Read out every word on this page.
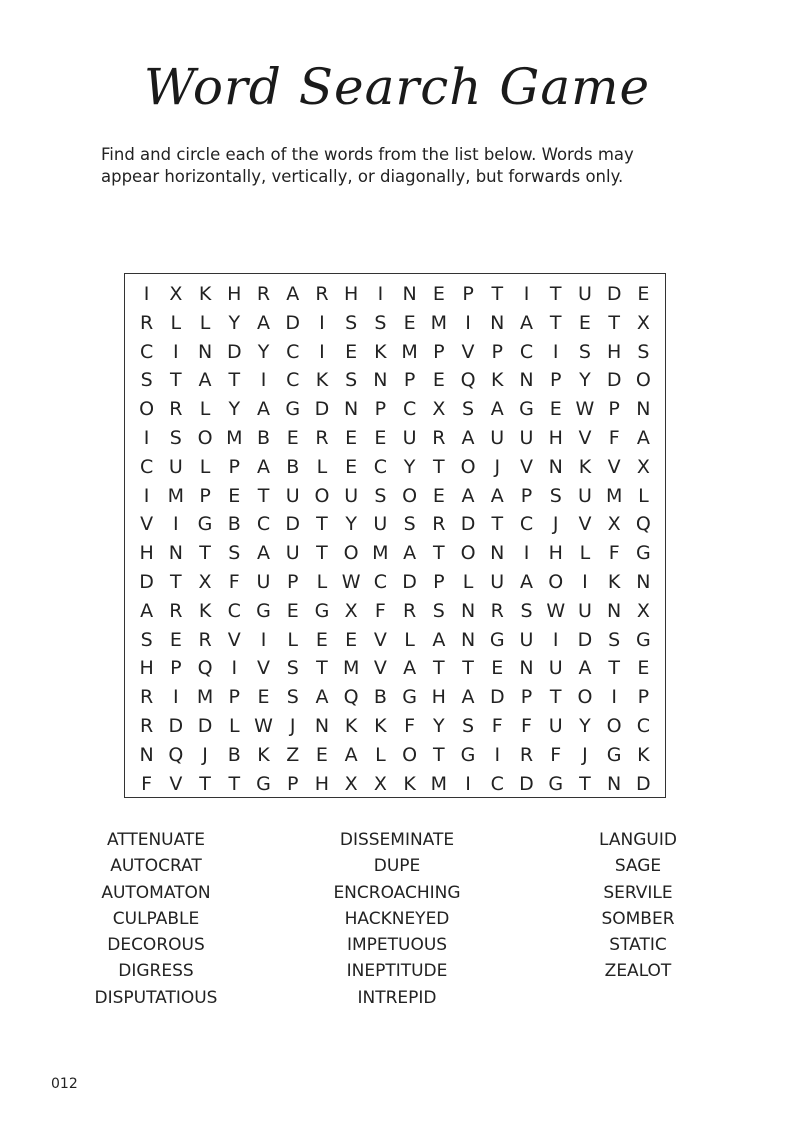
Word Search Game
Find and circle each of the words from the list below. Words may
appear horizontally, vertically, or diagonally, but forwards only.
I	X K H R A R H	I	N E P T	I	T U D E
R L L Y A D	I	S S E M I	N A T E T X
C	I	N D Y C	I	E K M P V P C	I	S H S
S T A T	I	C K S N P E Q K N P Y D O
O R L Y A G D N P C X S A G E W P N
I	S O M B E R E E U R A U U H V F A
C U L P A B L E C Y T O J	V N K V X
I M P E T U O U S O E A A P S U M L
V	I	G B C D T Y U S R D T C	J	V X Q
H N T S A U T O M A T O N	I	H L F G
D T X F U P L W C D P L U A O I	K N
A R K C G E G X F R S N R S W U N X
S E R V	I	L E E V L A N G U	I	D S G
H P Q I	V S T M V A T T E N U A T E
R	I M P E S A Q B G H A D P T O I	P
R D D L W J	N K K F Y S F F U Y O C
N Q J	B K Z E A L O T G	I	R F	J	G K
F V T T G P H X X K M I	C D G T N D
ATTENUATE
AUTOCRAT
AUTOMATON
CULPABLE
DECOROUS
DIGRESS
DISPUTATIOUS
DISSEMINATE
DUPE
ENCROACHING
HACKNEYED
IMPETUOUS
INEPTITUDE
INTREPID
LANGUID
SAGE
SERVILE
SOMBER
STATIC
ZEALOT
012
